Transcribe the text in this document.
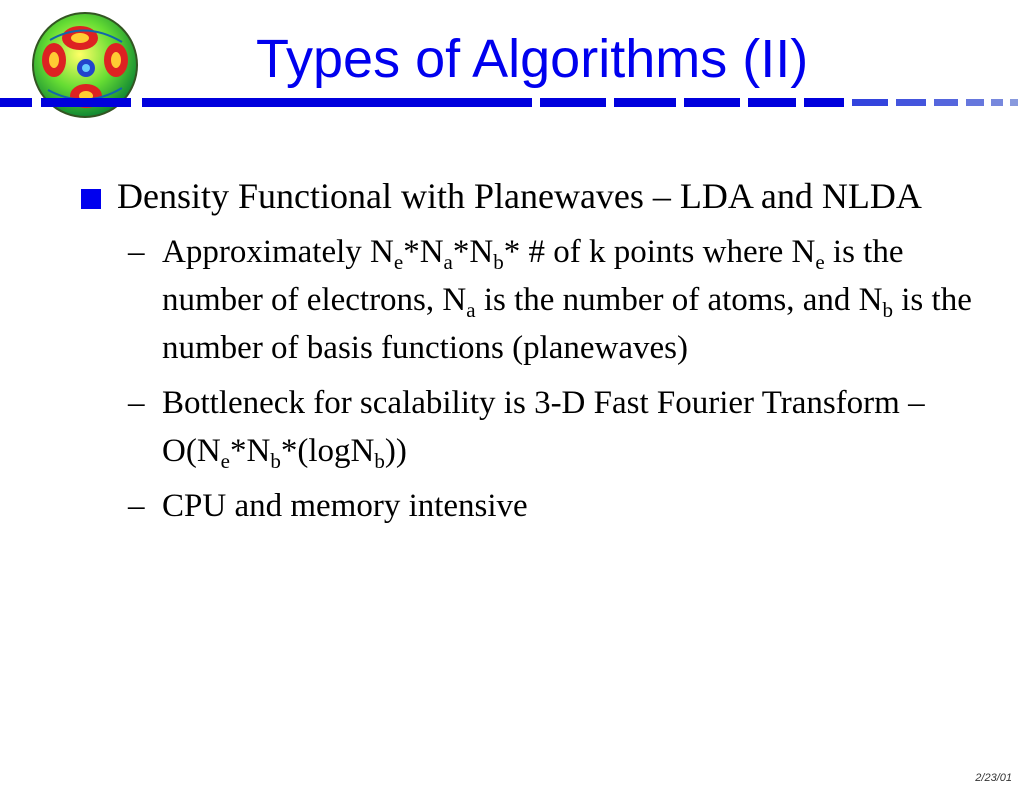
Types of Algorithms (II)
Density Functional with Planewaves – LDA and NLDA
– Approximately $N_e*N_a*N_b*$ # of k points where $N_e$ is the number of electrons, $N_a$ is the number of atoms, and $N_b$ is the number of basis functions (planewaves)
– Bottleneck for scalability is 3-D Fast Fourier Transform – $O(N_e*N_b*(\log N_b))$
– CPU and memory intensive
2/23/01
